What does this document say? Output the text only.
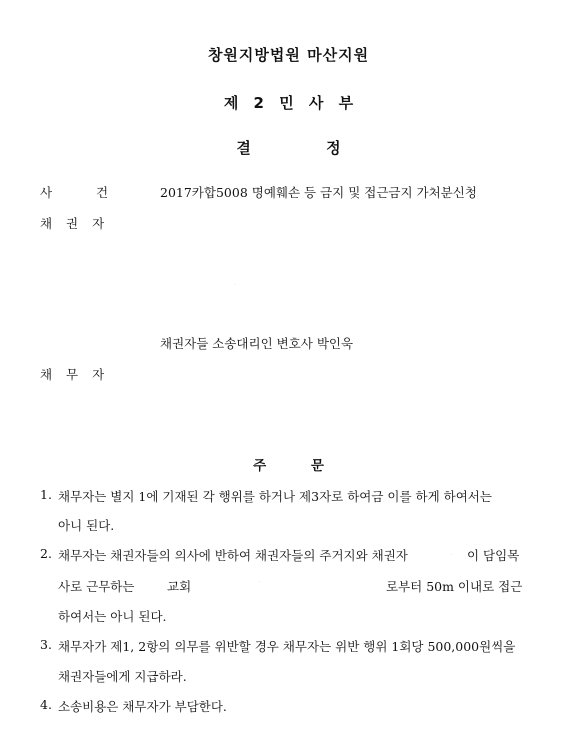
창원지방법원 마산지원
제 2 민 사 부
결 정
사 건	2017카합5008 명예훼손 등 금지 및 접근금지 가처분신청
채 권 자
.
채권자들 소송대리인 변호사 박인욱
채 무 자
주 문
1. 채무자는 별지 1에 기재된 각 행위를 하거나 제3자로 하여금 이를 하게 하여서는
아니 된다.
2. 채무자는 채권자들의 의사에 반하여 채권자들의 주거지와 채권자	. 이 담임목
사로 근무하는	교회	.	로부터 50m 이내로 접근
하여서는 아니 된다.
3. 채무자가 제1, 2항의 의무를 위반할 경우 채무자는 위반 행위 1회당 500,000원씩을
채권자들에게 지급하라.
4. 소송비용은 채무자가 부담한다.
